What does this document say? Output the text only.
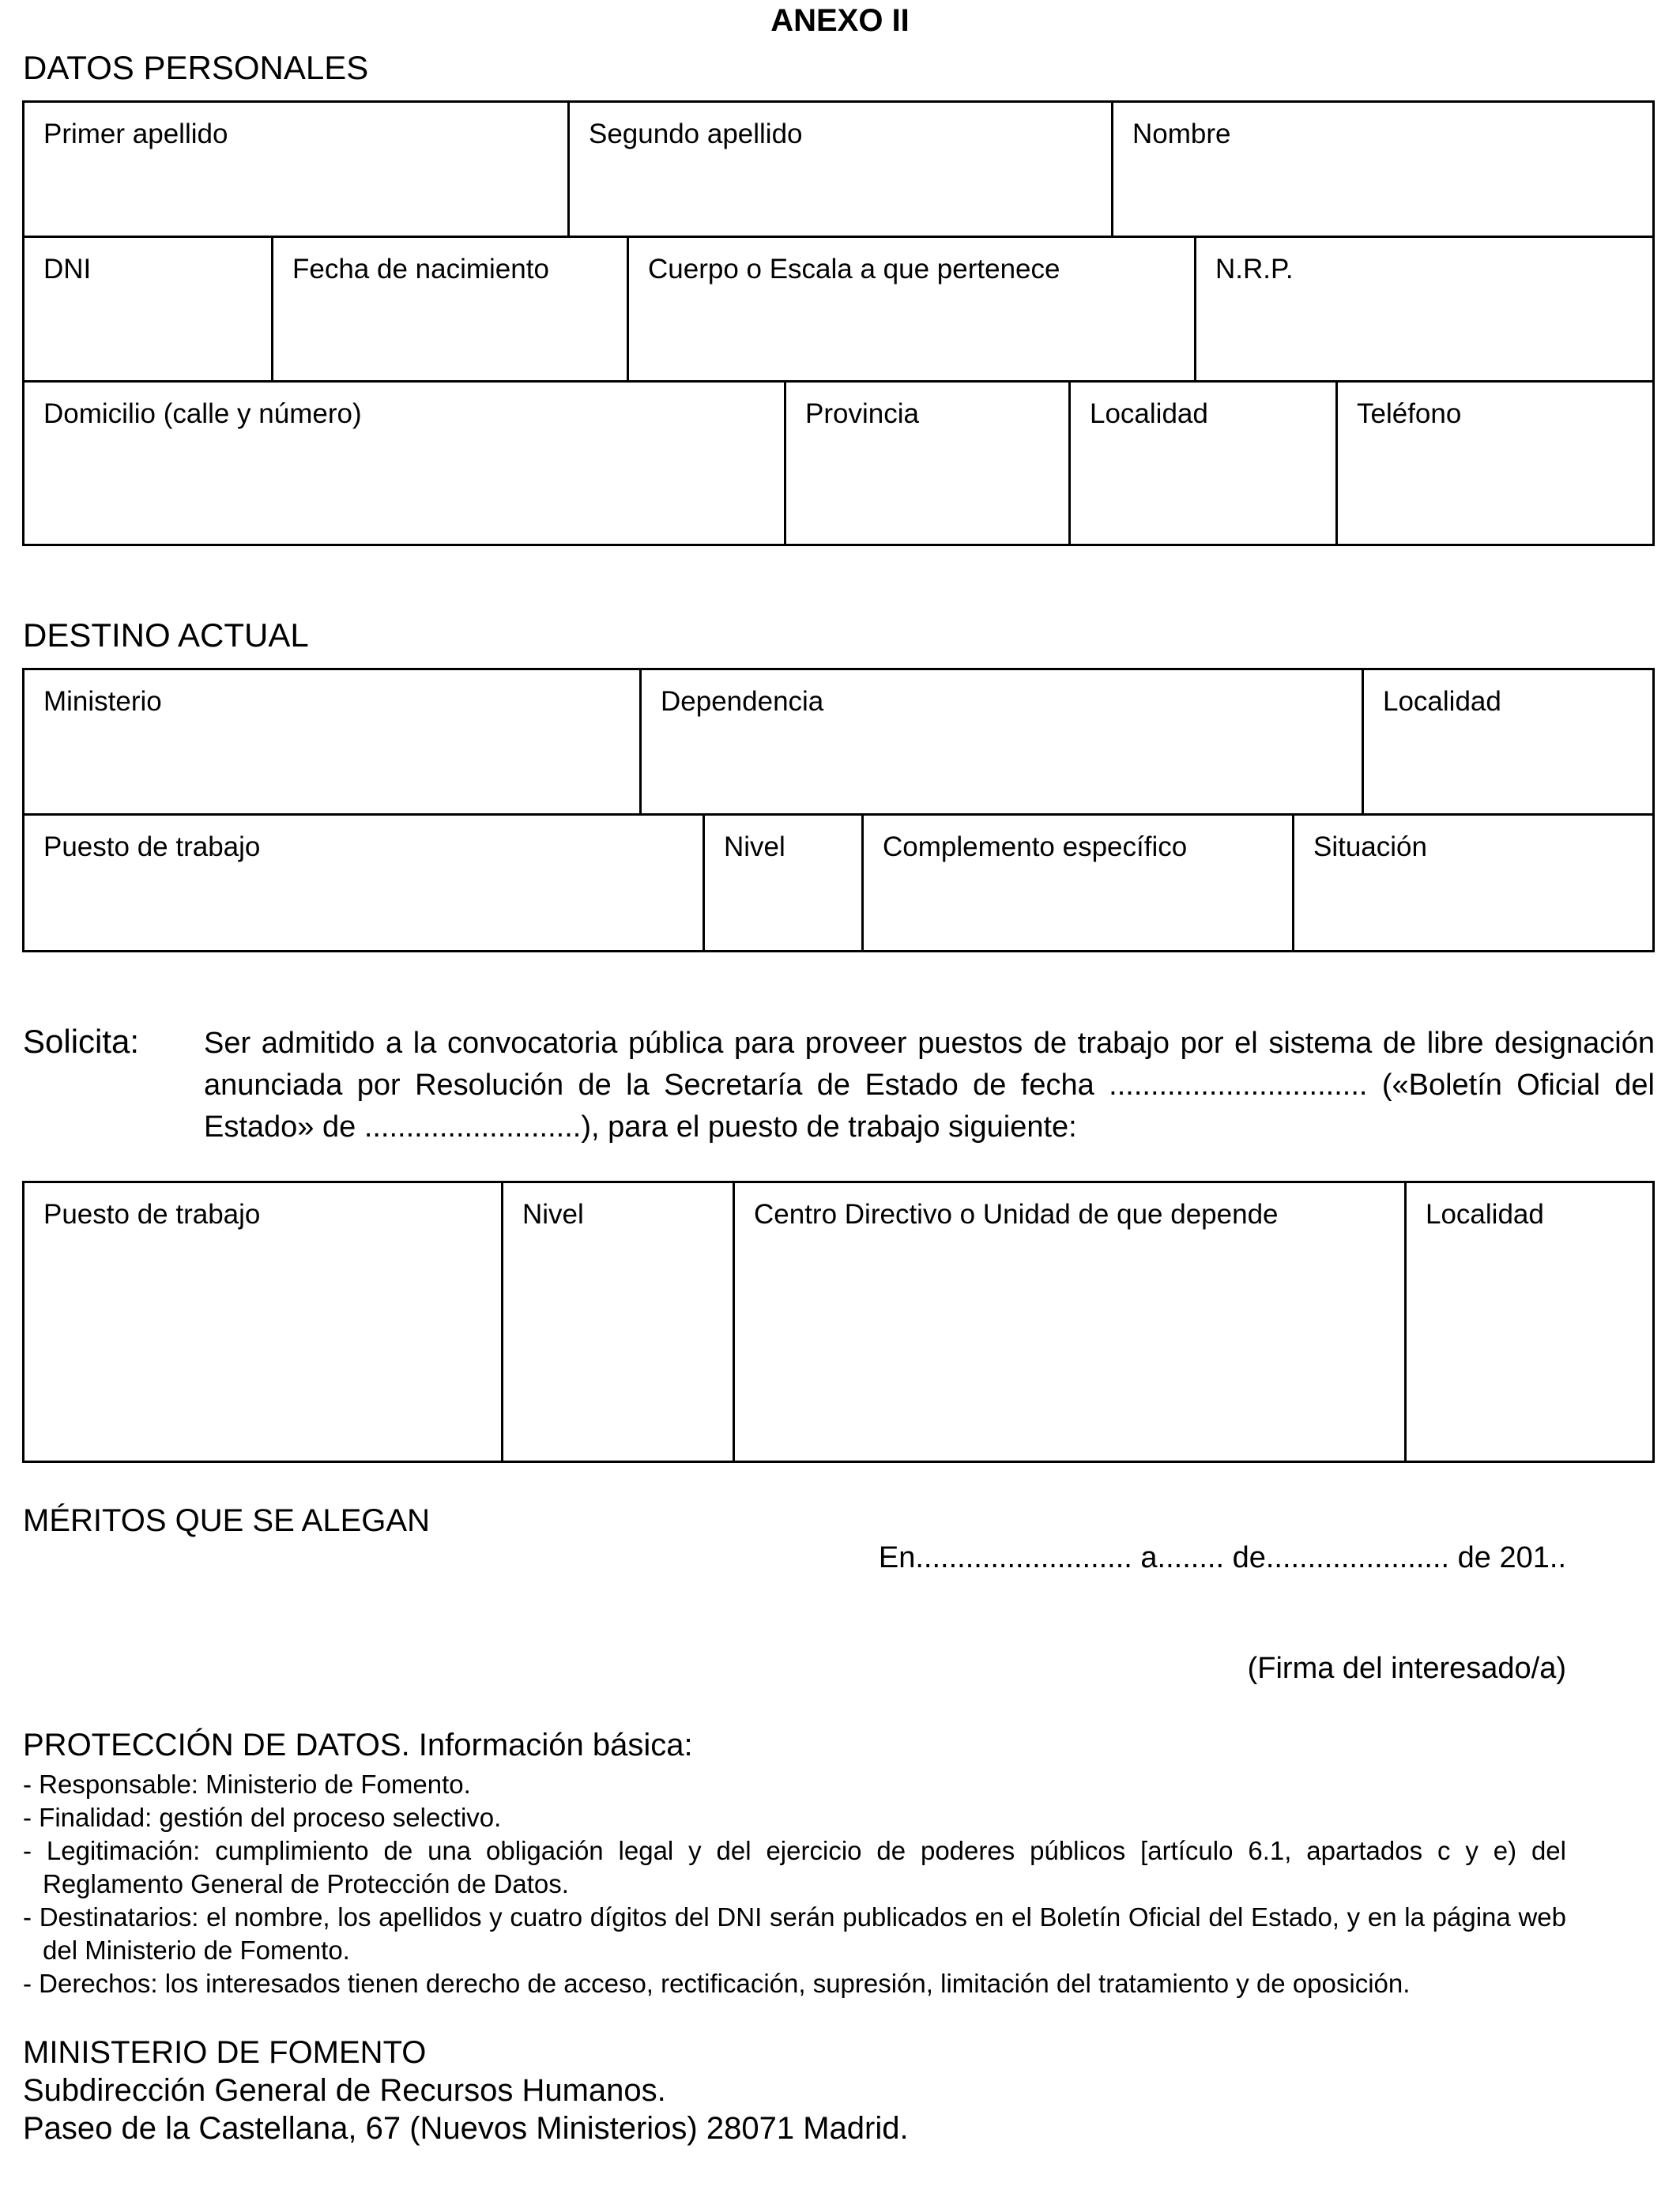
ANEXO II
DATOS PERSONALES
Primer apellido	Segundo apellido	Nombre
DNI	Fecha de nacimiento	Cuerpo o Escala a que pertenece	N.R.P.
Domicilio (calle y número)	Provincia	Localidad	Teléfono
DESTINO ACTUAL
Ministerio	Dependencia	Localidad
Puesto de trabajo	Nivel	Complemento específico	Situación
Solicita: Ser admitido a la convocatoria pública para proveer puestos de trabajo por el sistema de libre designación anunciada por Resolución de la Secretaría de Estado de fecha ............................... («Boletín Oficial del Estado» de ..........................), para el puesto de trabajo siguiente:
Puesto de trabajo	Nivel	Centro Directivo o Unidad de que depende	Localidad
MÉRITOS QUE SE ALEGAN
En.......................... a........ de...................... de 201..
(Firma del interesado/a)
PROTECCIÓN DE DATOS. Información básica:
- Responsable: Ministerio de Fomento.
- Finalidad: gestión del proceso selectivo.
- Legitimación: cumplimiento de una obligación legal y del ejercicio de poderes públicos [artículo 6.1, apartados c y e) del Reglamento General de Protección de Datos.
- Destinatarios: el nombre, los apellidos y cuatro dígitos del DNI serán publicados en el Boletín Oficial del Estado, y en la página web del Ministerio de Fomento.
- Derechos: los interesados tienen derecho de acceso, rectificación, supresión, limitación del tratamiento y de oposición.
MINISTERIO DE FOMENTO
Subdirección General de Recursos Humanos.
Paseo de la Castellana, 67 (Nuevos Ministerios) 28071 Madrid.
